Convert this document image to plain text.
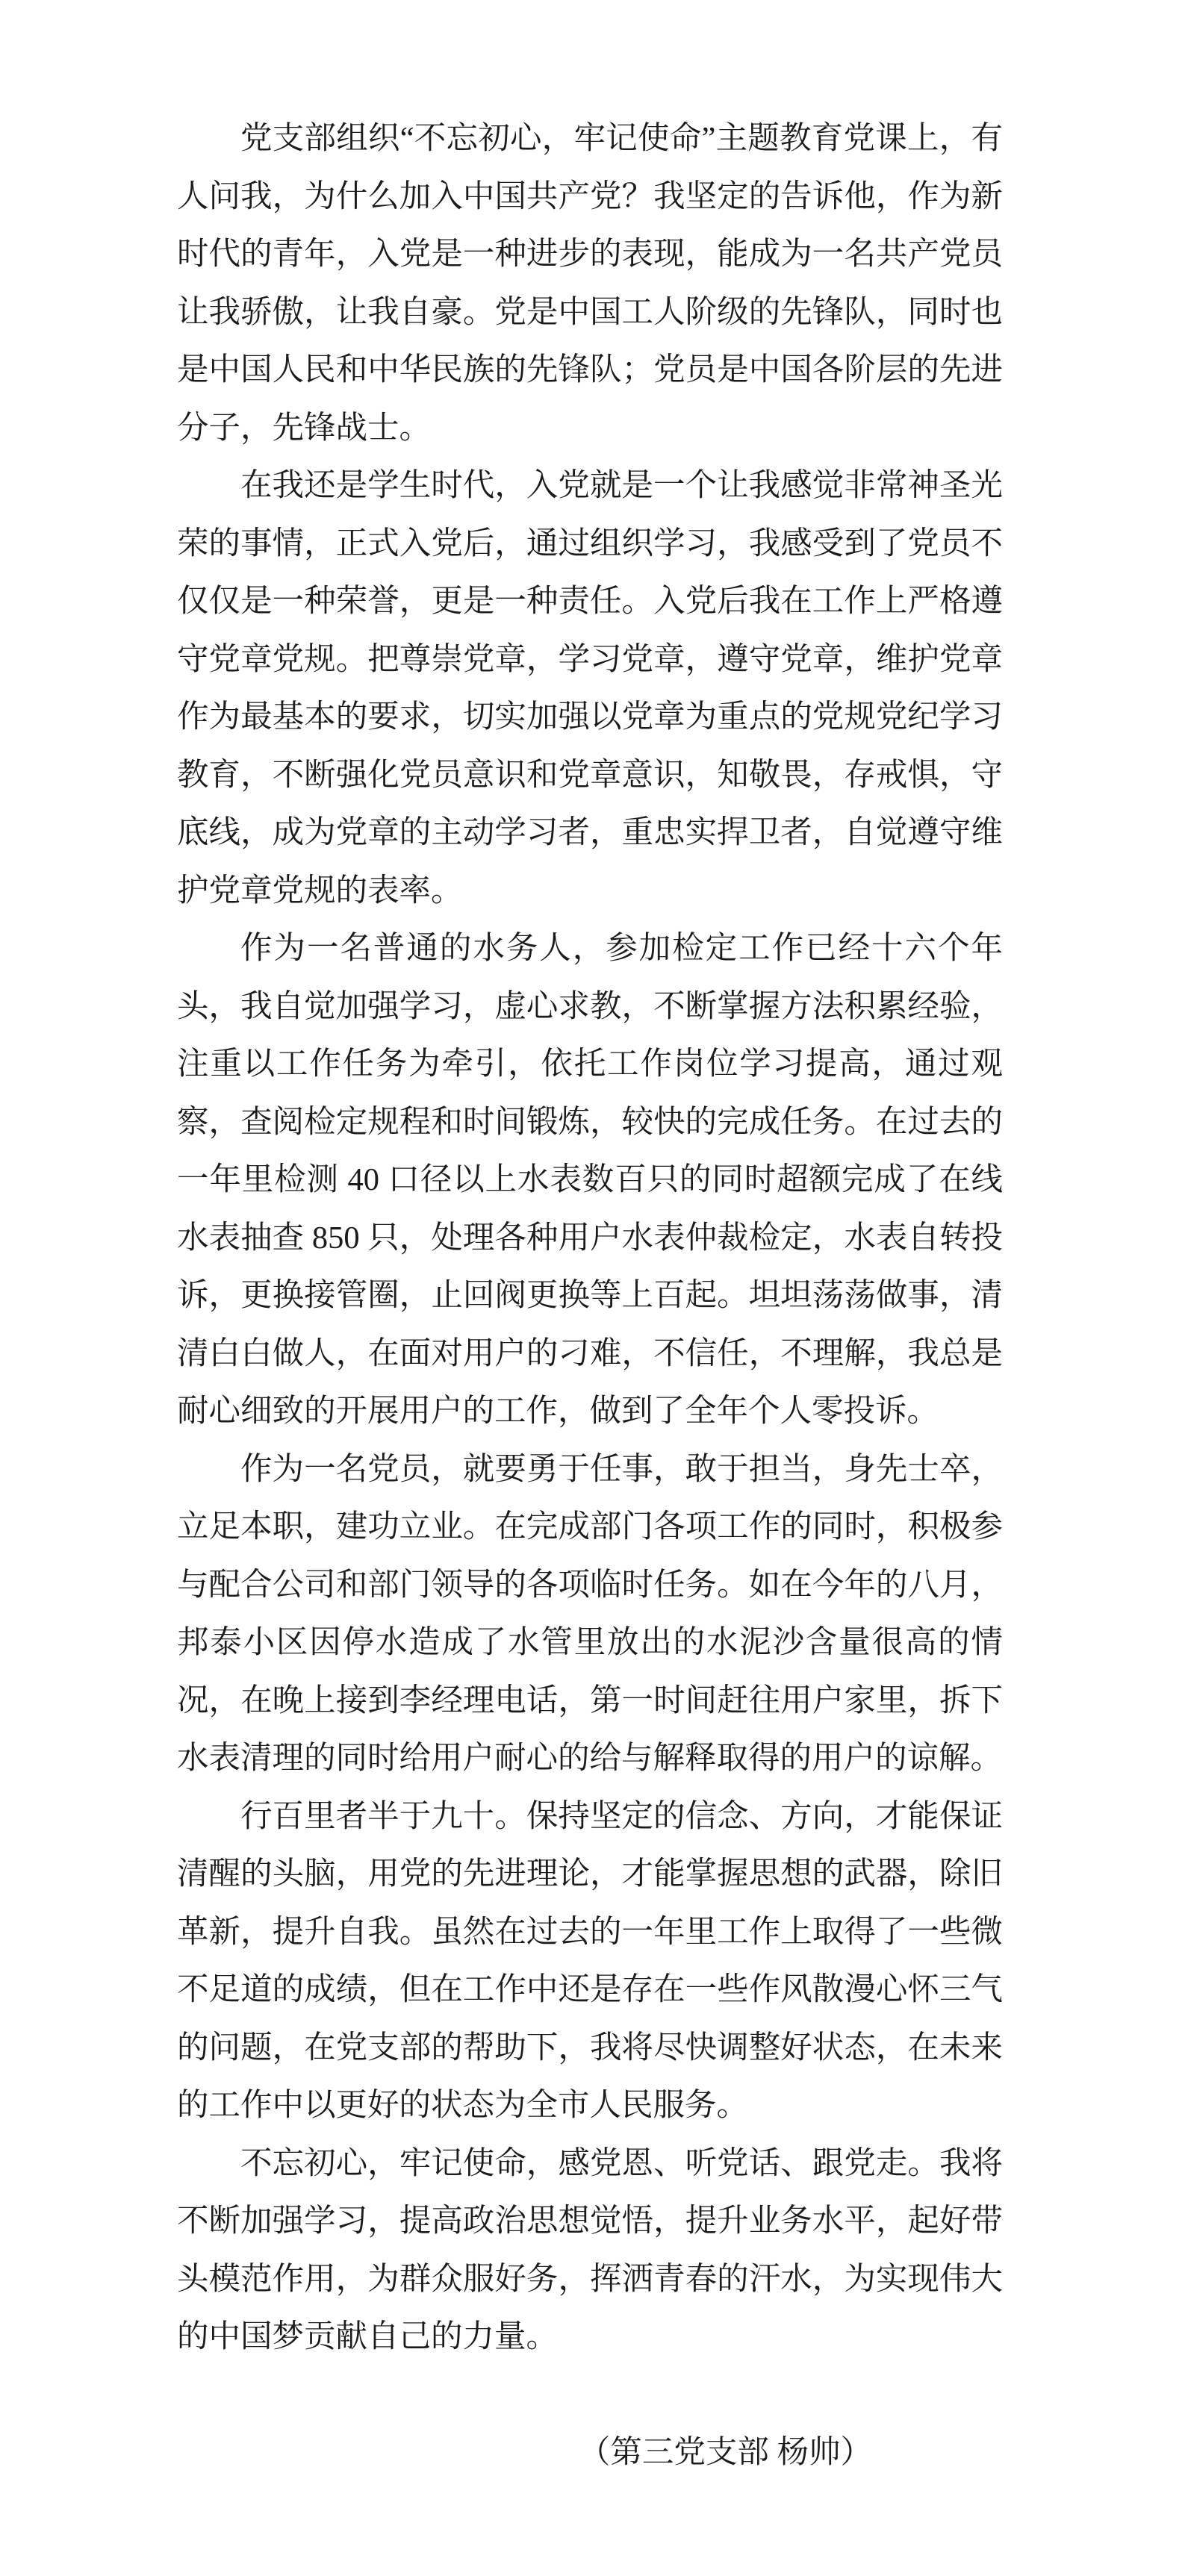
党支部组织“不忘初心，牢记使命”主题教育党课上，有人问我，为什么加入中国共产党？我坚定的告诉他，作为新时代的青年，入党是一种进步的表现，能成为一名共产党员让我骄傲，让我自豪。党是中国工人阶级的先锋队，同时也是中国人民和中华民族的先锋队；党员是中国各阶层的先进分子，先锋战士。

在我还是学生时代，入党就是一个让我感觉非常神圣光荣的事情，正式入党后，通过组织学习，我感受到了党员不仅仅是一种荣誉，更是一种责任。入党后我在工作上严格遵守党章党规。把尊崇党章，学习党章，遵守党章，维护党章作为最基本的要求，切实加强以党章为重点的党规党纪学习教育，不断强化党员意识和党章意识，知敬畏，存戒惧，守底线，成为党章的主动学习者，重忠实捍卫者，自觉遵守维护党章党规的表率。

作为一名普通的水务人，参加检定工作已经十六个年头，我自觉加强学习，虚心求教，不断掌握方法积累经验，注重以工作任务为牵引，依托工作岗位学习提高，通过观察，查阅检定规程和时间锻炼，较快的完成任务。在过去的一年里检测 40 口径以上水表数百只的同时超额完成了在线水表抽查 850 只，处理各种用户水表仲裁检定，水表自转投诉，更换接管圈，止回阀更换等上百起。坦坦荡荡做事，清清白白做人，在面对用户的刁难，不信任，不理解，我总是耐心细致的开展用户的工作，做到了全年个人零投诉。

作为一名党员，就要勇于任事，敢于担当，身先士卒，立足本职，建功立业。在完成部门各项工作的同时，积极参与配合公司和部门领导的各项临时任务。如在今年的八月，邦泰小区因停水造成了水管里放出的水泥沙含量很高的情况，在晚上接到李经理电话，第一时间赶往用户家里，拆下水表清理的同时给用户耐心的给与解释取得的用户的谅解。

行百里者半于九十。保持坚定的信念、方向，才能保证清醒的头脑，用党的先进理论，才能掌握思想的武器，除旧革新，提升自我。虽然在过去的一年里工作上取得了一些微不足道的成绩，但在工作中还是存在一些作风散漫心怀三气的问题，在党支部的帮助下，我将尽快调整好状态，在未来的工作中以更好的状态为全市人民服务。

不忘初心，牢记使命，感党恩、听党话、跟党走。我将不断加强学习，提高政治思想觉悟，提升业务水平，起好带头模范作用，为群众服好务，挥洒青春的汗水，为实现伟大的中国梦贡献自己的力量。

（第三党支部 杨帅）
